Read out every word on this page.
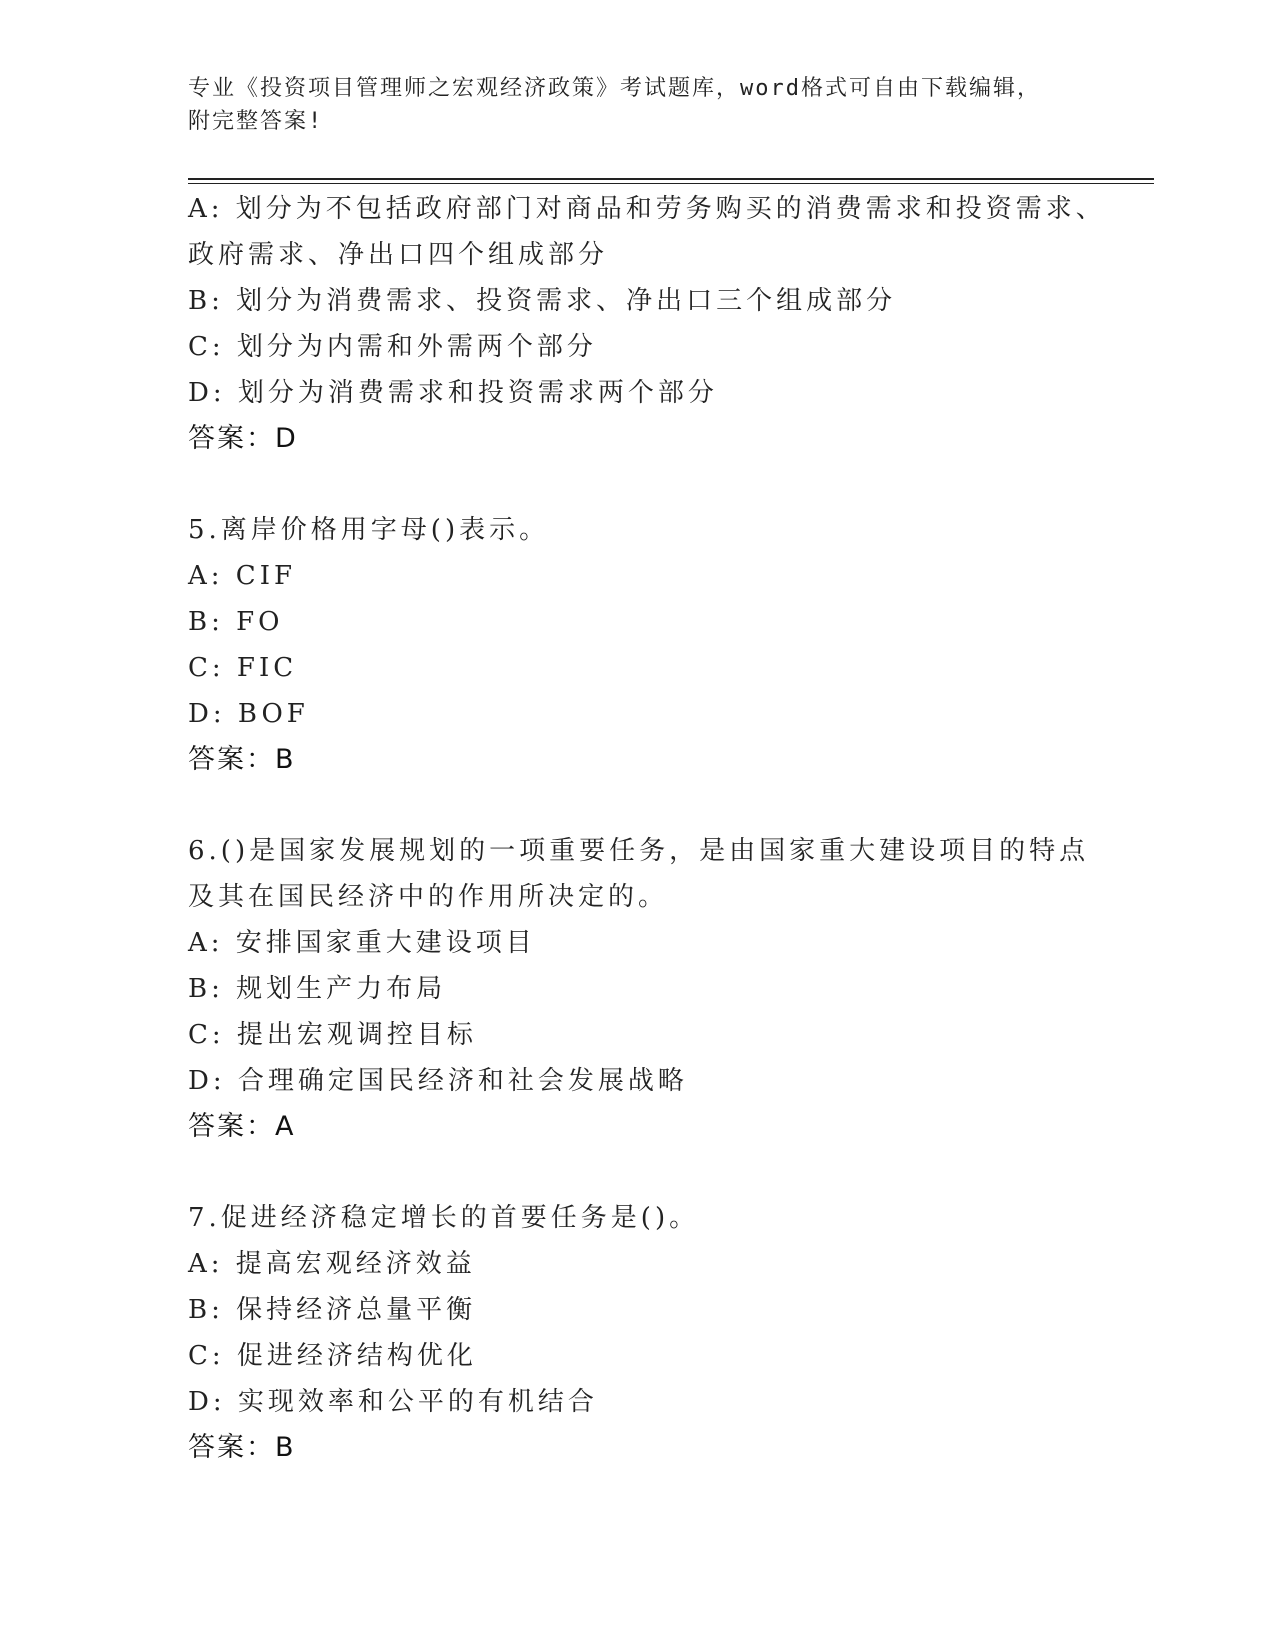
专业《投资项目管理师之宏观经济政策》考试题库，word格式可自由下载编辑，
附完整答案!
A: 划分为不包括政府部门对商品和劳务购买的消费需求和投资需求、
政府需求、净出口四个组成部分
B: 划分为消费需求、投资需求、净出口三个组成部分
C: 划分为内需和外需两个部分
D: 划分为消费需求和投资需求两个部分
答案：D
5.离岸价格用字母()表示。
A: CIF
B: FO
C: FIC
D: BOF
答案：B
6.()是国家发展规划的一项重要任务，是由国家重大建设项目的特点
及其在国民经济中的作用所决定的。
A: 安排国家重大建设项目
B: 规划生产力布局
C: 提出宏观调控目标
D: 合理确定国民经济和社会发展战略
答案：A
7.促进经济稳定增长的首要任务是()。
A: 提高宏观经济效益
B: 保持经济总量平衡
C: 促进经济结构优化
D: 实现效率和公平的有机结合
答案：B
